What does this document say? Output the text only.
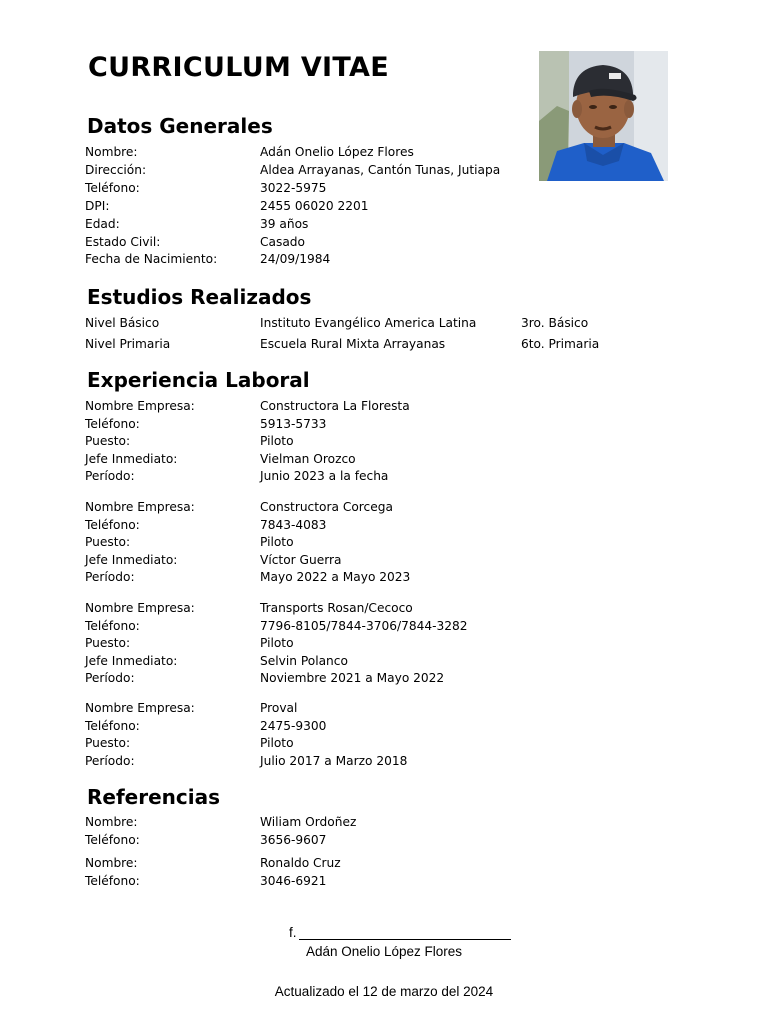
CURRICULUM VITAE
Datos Generales
Nombre:	Adán Onelio López Flores
Dirección:	Aldea Arrayanas, Cantón Tunas, Jutiapa
Teléfono:	3022-5975
DPI:	2455 06020 2201
Edad:	39 años
Estado Civil:	Casado
Fecha de Nacimiento:	24/09/1984
Estudios Realizados
Nivel Básico	Instituto Evangélico America Latina	3ro. Básico
Nivel Primaria	Escuela Rural Mixta Arrayanas	6to. Primaria
Experiencia Laboral
Nombre Empresa:	Constructora La Floresta
Teléfono:	5913-5733
Puesto:	Piloto
Jefe Inmediato:	Vielman Orozco
Período:	Junio 2023 a la fecha
Nombre Empresa:	Constructora Corcega
Teléfono:	7843-4083
Puesto:	Piloto
Jefe Inmediato:	Víctor Guerra
Período:	Mayo 2022 a Mayo 2023
Nombre Empresa:	Transports Rosan/Cecoco
Teléfono:	7796-8105/7844-3706/7844-3282
Puesto:	Piloto
Jefe Inmediato:	Selvin Polanco
Período:	Noviembre 2021 a Mayo 2022
Nombre Empresa:	Proval
Teléfono:	2475-9300
Puesto:	Piloto
Período:	Julio 2017 a Marzo 2018
Referencias
Nombre:	Wiliam Ordoñez
Teléfono:	3656-9607
Nombre:	Ronaldo Cruz
Teléfono:	3046-6921
f.
Adán Onelio López Flores
Actualizado el 12 de marzo del 2024
